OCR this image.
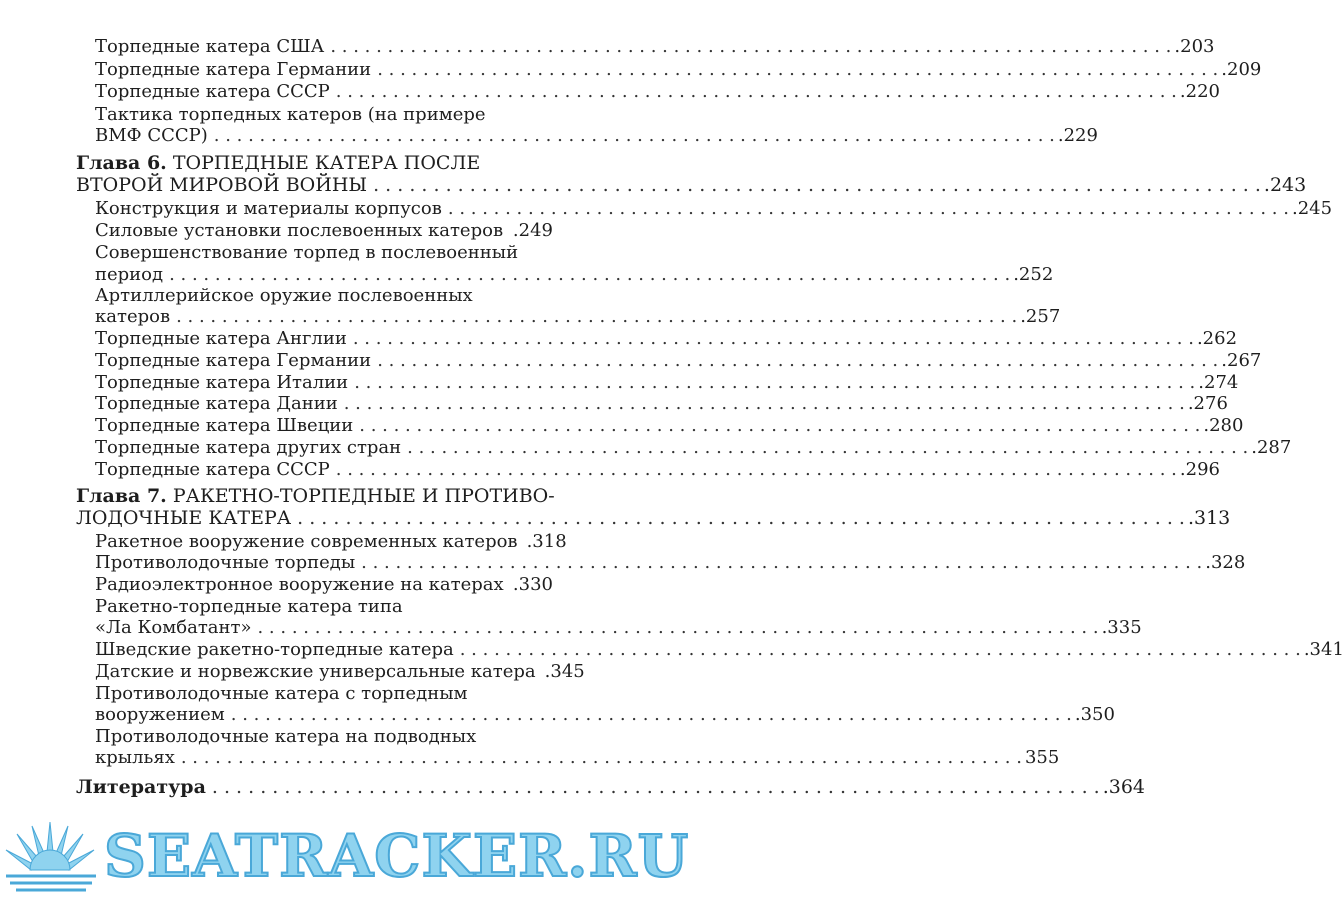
Торпедные катера США . . .	.203
Торпедные катера Германии . . .	.209
Торпедные катера СССР . . .	.220
Тактика торпедных катеров (на примере
ВМФ СССР) . . .	.229
Глава 6. ТОРПЕДНЫЕ КАТЕРА ПОСЛЕ
ВТОРОЙ МИРОВОЙ ВОЙНЫ . . .	.243
Конструкция и материалы корпусов . . .	.245
Силовые установки послевоенных катеров . . . .249
Совершенствование торпед в послевоенный
период . . .	.252
Артиллерийское оружие послевоенных
катеров . . .	.257
Торпедные катера Англии . . .	.262
Торпедные катера Германии . . .	.267
Торпедные катера Италии . . .	.274
Торпедные катера Дании . . .	.276
Торпедные катера Швеции . . .	.280
Торпедные катера других стран . . .	.287
Торпедные катера СССР . . .	.296
Глава 7. РАКЕТНО-ТОРПЕДНЫЕ И ПРОТИВО-
ЛОДОЧНЫЕ КАТЕРА . . .	.313
Ракетное вооружение современных катеров .318
Противолодочные торпеды . . .	.328
Радиоэлектронное вооружение на катерах . . . .330
Ракетно-торпедные катера типа
«Ла Комбатант» . . .	.335
Шведские ракетно-торпедные катера . . .	.341
Датские и норвежские универсальные катера .345
Противолодочные катера с торпедным
вооружением . . .	.350
Противолодочные катера на подводных
крыльях . . .	355
Литература . . .	.364
SEATRACKER.RU
